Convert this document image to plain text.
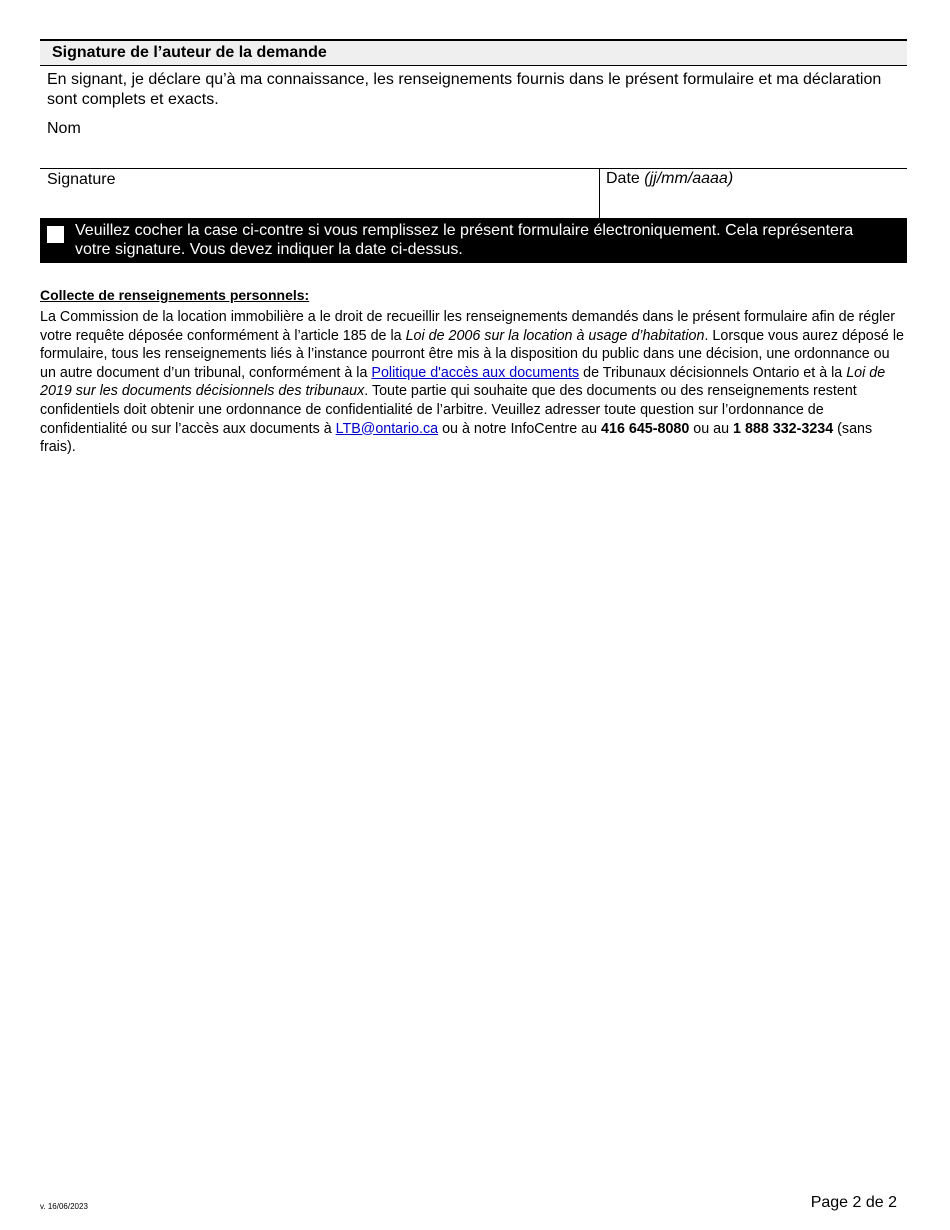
Signature de l’auteur de la demande
En signant, je déclare qu’à ma connaissance, les renseignements fournis dans le présent formulaire et ma déclaration sont complets et exacts.
Nom
Signature	Date (jj/mm/aaaa)
Veuillez cocher la case ci-contre si vous remplissez le présent formulaire électroniquement. Cela représentera votre signature. Vous devez indiquer la date ci-dessus.
Collecte de renseignements personnels:
La Commission de la location immobilière a le droit de recueillir les renseignements demandés dans le présent formulaire afin de régler votre requête déposée conformément à l’article 185 de la Loi de 2006 sur la location à usage d’habitation. Lorsque vous aurez déposé le formulaire, tous les renseignements liés à l’instance pourront être mis à la disposition du public dans une décision, une ordonnance ou un autre document d’un tribunal, conformément à la Politique d'accès aux documents de Tribunaux décisionnels Ontario et à la Loi de 2019 sur les documents décisionnels des tribunaux. Toute partie qui souhaite que des documents ou des renseignements restent confidentiels doit obtenir une ordonnance de confidentialité de l’arbitre. Veuillez adresser toute question sur l’ordonnance de confidentialité ou sur l’accès aux documents à LTB@ontario.ca ou à notre InfoCentre au 416 645-8080 ou au 1 888 332-3234 (sans frais).
v. 16/06/2023	Page 2 de 2
